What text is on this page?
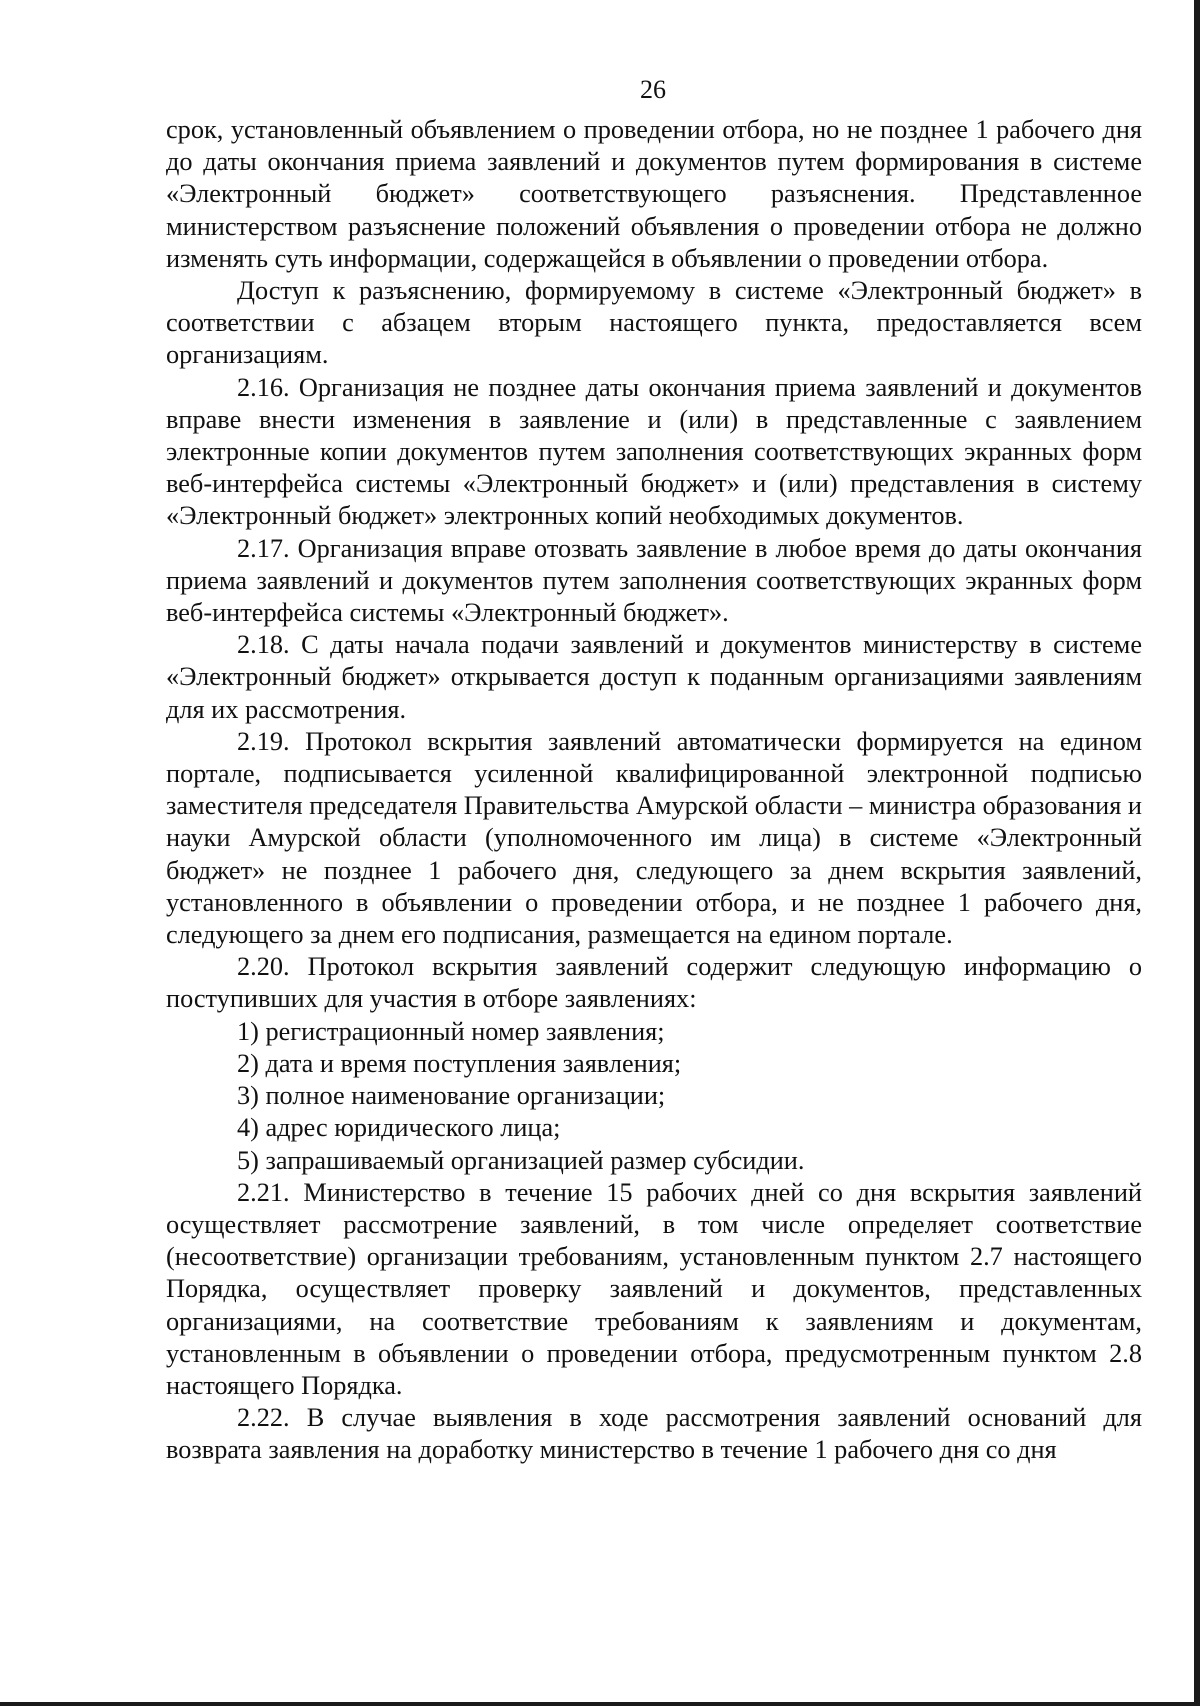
26

срок, установленный объявлением о проведении отбора, но не позднее 1 рабочего дня до даты окончания приема заявлений и документов путем формирования в системе «Электронный бюджет» соответствующего разъяснения. Представленное министерством разъяснение положений объявления о проведении отбора не должно изменять суть информации, содержащейся в объявлении о проведении отбора.

Доступ к разъяснению, формируемому в системе «Электронный бюджет» в соответствии с абзацем вторым настоящего пункта, предоставляется всем организациям.

2.16. Организация не позднее даты окончания приема заявлений и документов вправе внести изменения в заявление и (или) в представленные с заявлением электронные копии документов путем заполнения соответствующих экранных форм веб-интерфейса системы «Электронный бюджет» и (или) представления в систему «Электронный бюджет» электронных копий необходимых документов.

2.17. Организация вправе отозвать заявление в любое время до даты окончания приема заявлений и документов путем заполнения соответствующих экранных форм веб-интерфейса системы «Электронный бюджет».

2.18. С даты начала подачи заявлений и документов министерству в системе «Электронный бюджет» открывается доступ к поданным организациями заявлениям для их рассмотрения.

2.19. Протокол вскрытия заявлений автоматически формируется на едином портале, подписывается усиленной квалифицированной электронной подписью заместителя председателя Правительства Амурской области – министра образования и науки Амурской области (уполномоченного им лица) в системе «Электронный бюджет» не позднее 1 рабочего дня, следующего за днем вскрытия заявлений, установленного в объявлении о проведении отбора, и не позднее 1 рабочего дня, следующего за днем его подписания, размещается на едином портале.

2.20. Протокол вскрытия заявлений содержит следующую информацию о поступивших для участия в отборе заявлениях:

1) регистрационный номер заявления;

2) дата и время поступления заявления;

3) полное наименование организации;

4) адрес юридического лица;

5) запрашиваемый организацией размер субсидии.

2.21. Министерство в течение 15 рабочих дней со дня вскрытия заявлений осуществляет рассмотрение заявлений, в том числе определяет соответствие (несоответствие) организации требованиям, установленным пунктом 2.7 настоящего Порядка, осуществляет проверку заявлений и документов, представленных организациями, на соответствие требованиям к заявлениям и документам, установленным в объявлении о проведении отбора, предусмотренным пунктом 2.8 настоящего Порядка.

2.22. В случае выявления в ходе рассмотрения заявлений оснований для возврата заявления на доработку министерство в течение 1 рабочего дня со дня
